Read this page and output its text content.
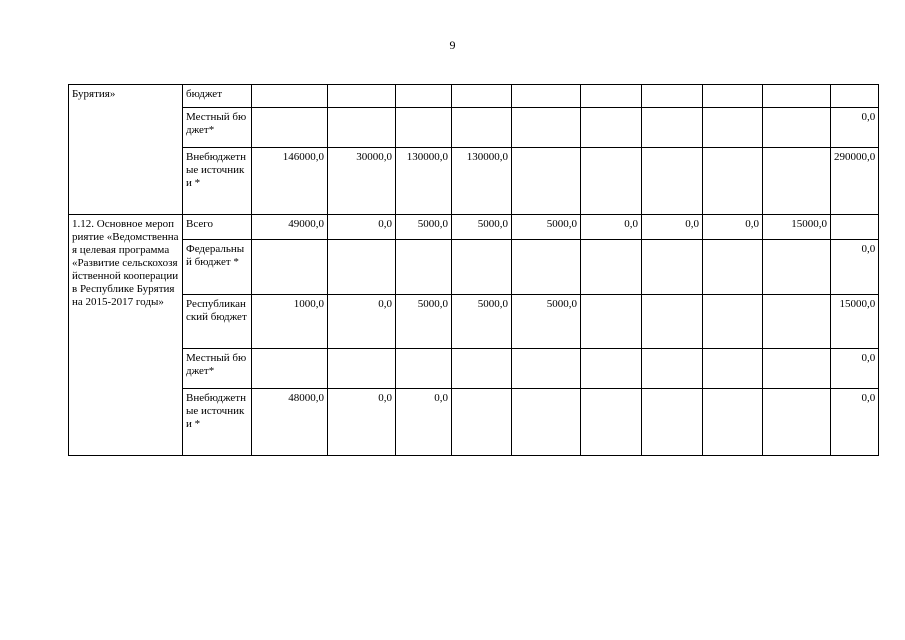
9
Бурятия»	бюджет										
	Местный бюджет*										0,0
	Внебюджетные источники *	146000,0	30000,0	130000,0	130000,0						290000,0
1.12. Основное мероприятие «Ведомственная целевая программа «Развитие сельскохозяйственной кооперации в Республике Бурятия на 2015-2017 годы»	Всего	49000,0	0,0	5000,0	5000,0	5000,0	0,0	0,0	0,0	15000,0	
	Федеральный бюджет *										0,0
	Республиканский бюджет	1000,0	0,0	5000,0	5000,0	5000,0					15000,0
	Местный бюджет*										0,0
	Внебюджетные источники *	48000,0	0,0	0,0							0,0
